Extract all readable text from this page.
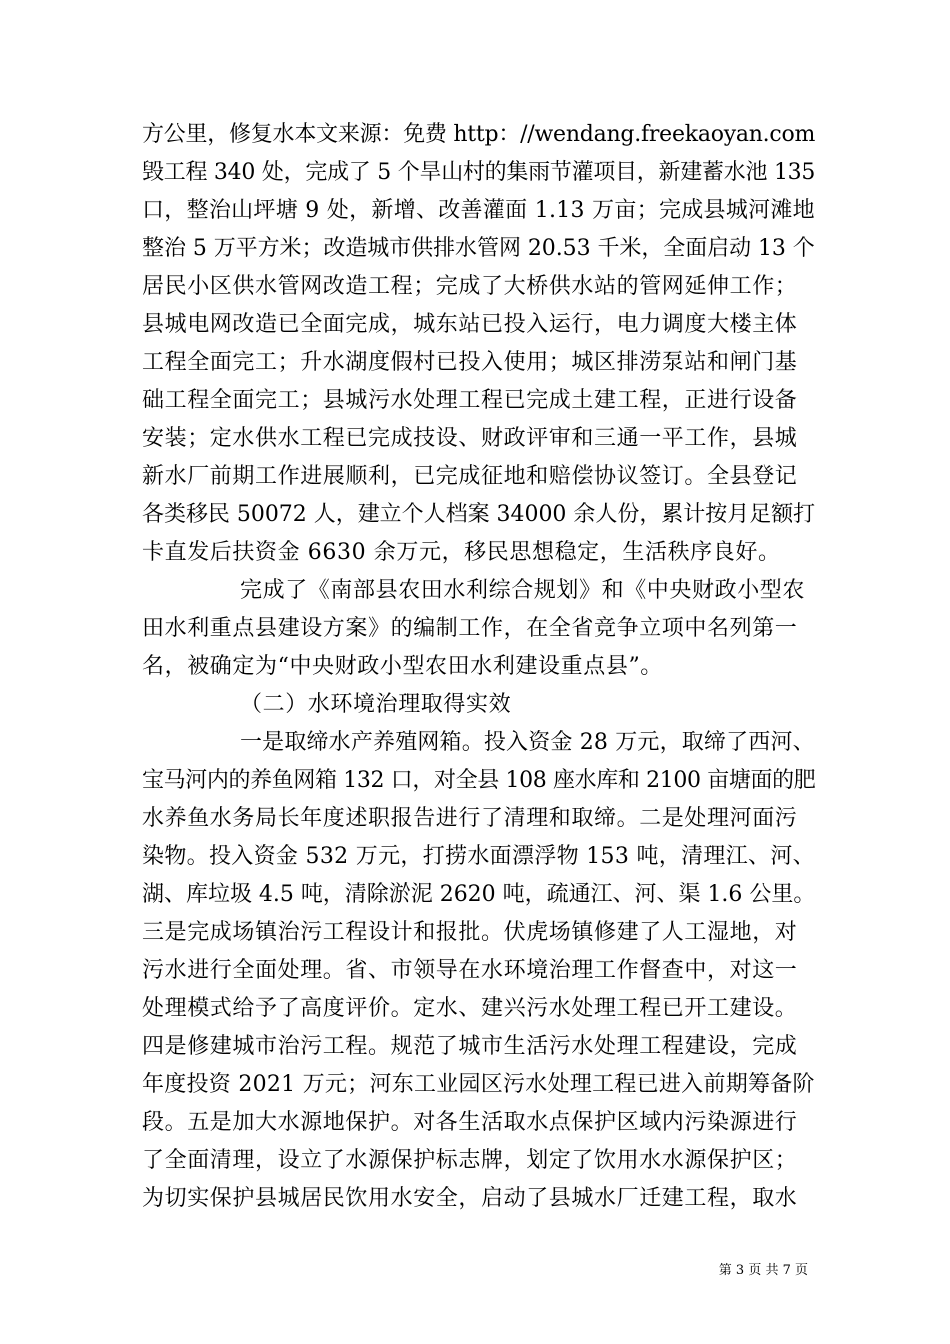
方公里，修复水本文来源：免费 http：//wendang.freekaoyan.com
毁工程 340 处，完成了 5 个旱山村的集雨节灌项目，新建蓄水池 135
口，整治山坪塘 9 处，新增、改善灌面 1.13 万亩；完成县城河滩地
整治 5 万平方米；改造城市供排水管网 20.53 千米，全面启动 13 个
居民小区供水管网改造工程；完成了大桥供水站的管网延伸工作；
县城电网改造已全面完成，城东站已投入运行，电力调度大楼主体
工程全面完工；升水湖度假村已投入使用；城区排涝泵站和闸门基
础工程全面完工；县城污水处理工程已完成土建工程，正进行设备
安装；定水供水工程已完成技设、财政评审和三通一平工作，县城
新水厂前期工作进展顺利，已完成征地和赔偿协议签订。全县登记
各类移民 50072 人，建立个人档案 34000 余人份，累计按月足额打
卡直发后扶资金 6630 余万元，移民思想稳定，生活秩序良好。
完成了《南部县农田水利综合规划》和《中央财政小型农
田水利重点县建设方案》的编制工作，在全省竞争立项中名列第一
名，被确定为“中央财政小型农田水利建设重点县”。
（二）水环境治理取得实效
一是取缔水产养殖网箱。投入资金 28 万元，取缔了西河、
宝马河内的养鱼网箱 132 口，对全县 108 座水库和 2100 亩塘面的肥
水养鱼水务局长年度述职报告进行了清理和取缔。二是处理河面污
染物。投入资金 532 万元，打捞水面漂浮物 153 吨，清理江、河、
湖、库垃圾 4.5 吨，清除淤泥 2620 吨，疏通江、河、渠 1.6 公里。
三是完成场镇治污工程设计和报批。伏虎场镇修建了人工湿地，对
污水进行全面处理。省、市领导在水环境治理工作督查中，对这一
处理模式给予了高度评价。定水、建兴污水处理工程已开工建设。
四是修建城市治污工程。规范了城市生活污水处理工程建设，完成
年度投资 2021 万元；河东工业园区污水处理工程已进入前期筹备阶
段。五是加大水源地保护。对各生活取水点保护区域内污染源进行
了全面清理，设立了水源保护标志牌，划定了饮用水水源保护区；
为切实保护县城居民饮用水安全，启动了县城水厂迁建工程，取水
第 3 页 共 7 页
